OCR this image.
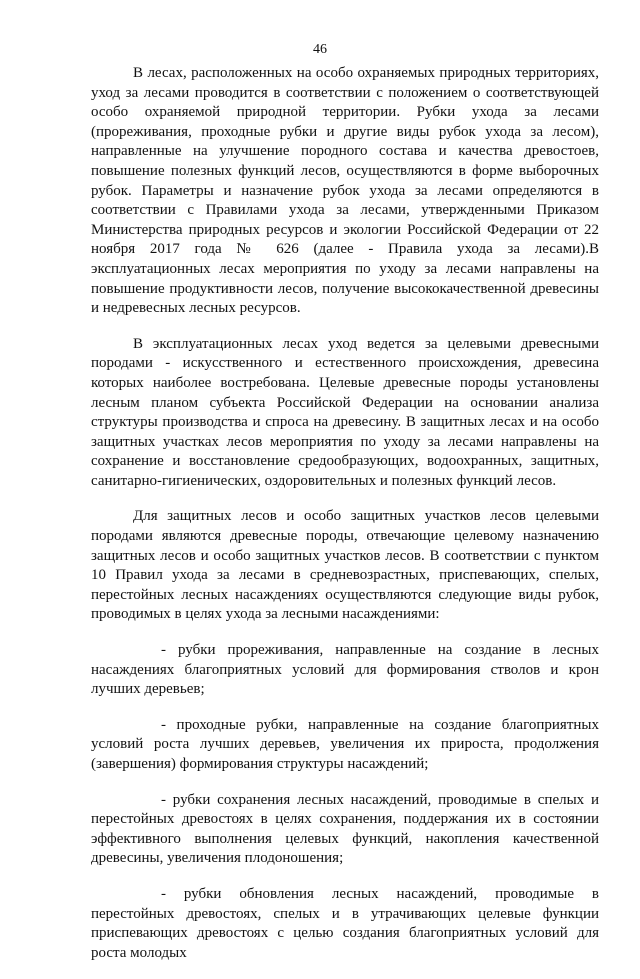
46

В лесах, расположенных на особо охраняемых природных территориях, уход за лесами проводится в соответствии с положением о соответствующей особо охраняемой природной территории. Рубки ухода за лесами (прореживания, проходные рубки и другие виды рубок ухода за лесом), направленные на улучшение породного состава и качества древостоев, повышение полезных функций лесов, осуществляются в форме выборочных рубок. Параметры и назначение рубок ухода за лесами определяются в соответствии с Правилами ухода за лесами, утвержденными Приказом Министерства природных ресурсов и экологии Российской Федерации от 22 ноября 2017 года № 626 (далее - Правила ухода за лесами).В эксплуатационных лесах мероприятия по уходу за лесами направлены на повышение продуктивности лесов, получение высококачественной древесины и недревесных лесных ресурсов.

В эксплуатационных лесах уход ведется за целевыми древесными породами - искусственного и естественного происхождения, древесина которых наиболее востребована. Целевые древесные породы установлены лесным планом субъекта Российской Федерации на основании анализа структуры производства и спроса на древесину. В защитных лесах и на особо защитных участках лесов мероприятия по уходу за лесами направлены на сохранение и восстановление средообразующих, водоохранных, защитных, санитарно-гигиенических, оздоровительных и полезных функций лесов.

Для защитных лесов и особо защитных участков лесов целевыми породами являются древесные породы, отвечающие целевому назначению защитных лесов и особо защитных участков лесов. В соответствии с пунктом 10 Правил ухода за лесами в средневозрастных, приспевающих, спелых, перестойных лесных насаждениях осуществляются следующие виды рубок, проводимых в целях ухода за лесными насаждениями:

- рубки прореживания, направленные на создание в лесных насаждениях благоприятных условий для формирования стволов и крон лучших деревьев;

- проходные рубки, направленные на создание благоприятных условий роста лучших деревьев, увеличения их прироста, продолжения (завершения) формирования структуры насаждений;

- рубки сохранения лесных насаждений, проводимые в спелых и перестойных древостоях в целях сохранения, поддержания их в состоянии эффективного выполнения целевых функций, накопления качественной древесины, увеличения плодоношения;

- рубки обновления лесных насаждений, проводимые в перестойных древостоях, спелых и в утрачивающих целевые функции приспевающих древостоях с целью создания благоприятных условий для роста молодых
